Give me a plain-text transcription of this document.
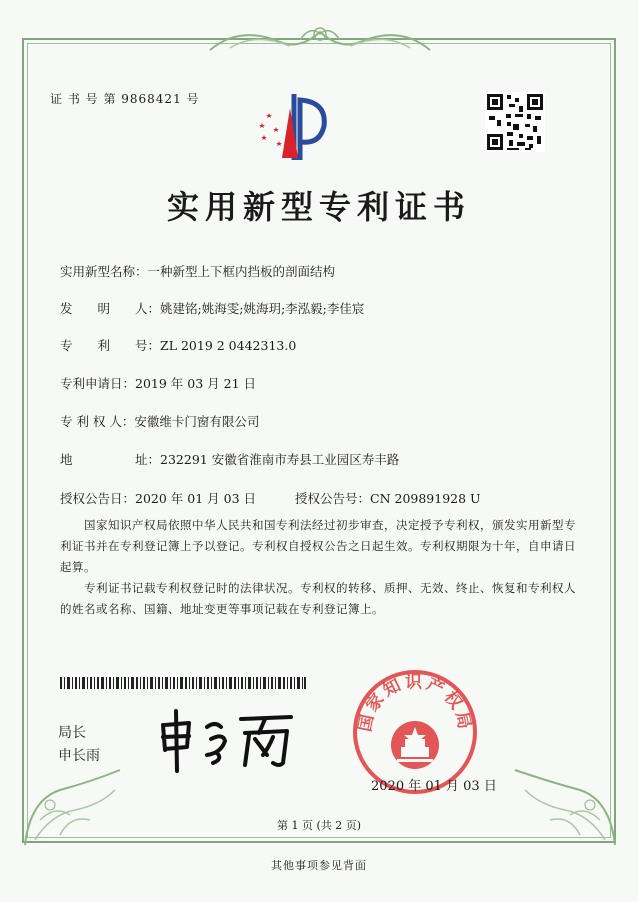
证 书 号 第 9868421 号
实用新型专利证书
实用新型名称：一种新型上下框内挡板的剖面结构
发　　明　　人：姚建铭;姚海雯;姚海玥;李泓毅;李佳宸
专　　利　　号：ZL 2019 2 0442313.0
专利申请日：2019 年 03 月 21 日
专 利 权 人：安徽维卡门窗有限公司
地　　　　　址：232291 安徽省淮南市寿县工业园区寿丰路
授权公告日：2020 年 01 月 03 日	授权公告号：CN 209891928 U
国家知识产权局依照中华人民共和国专利法经过初步审查，决定授予专利权，颁发实用新型专利证书并在专利登记簿上予以登记。专利权自授权公告之日起生效。专利权期限为十年，自申请日起算。
专利证书记载专利权登记时的法律状况。专利权的转移、质押、无效、终止、恢复和专利权人的姓名或名称、国籍、地址变更等事项记载在专利登记簿上。
局长
申长雨
国家知识产权局
2020 年 01 月 03 日
第 1 页 (共 2 页)
其他事项参见背面
